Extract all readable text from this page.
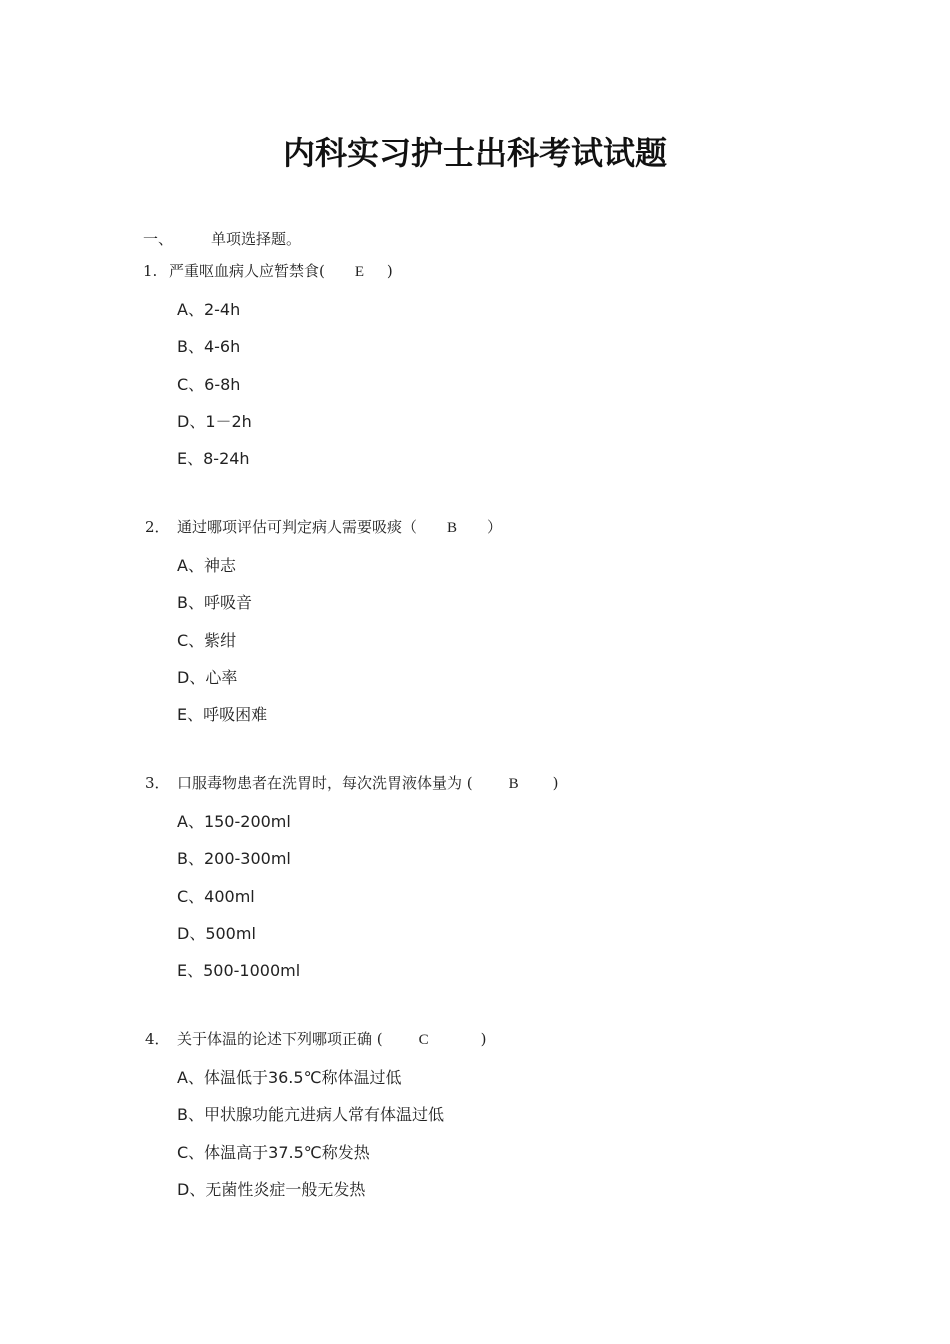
内科实习护士出科考试试题
一、	单项选择题。
1. 严重呕血病人应暂禁食( E )
A、2-4h
B、4-6h
C、6-8h
D、1－2h
E、8-24h
2． 通过哪项评估可判定病人需要吸痰（ B ）
A、神志
B、呼吸音
C、紫绀
D、心率
E、呼吸困难
3． 口服毒物患者在洗胃时，每次洗胃液体量为 ( B )
A、150-200ml
B、200-300ml
C、400ml
D、500ml
E、500-1000ml
4． 关于体温的论述下列哪项正确 ( C	)
A、体温低于36.5℃称体温过低
B、甲状腺功能亢进病人常有体温过低
C、体温高于37.5℃称发热
D、无菌性炎症一般无发热
